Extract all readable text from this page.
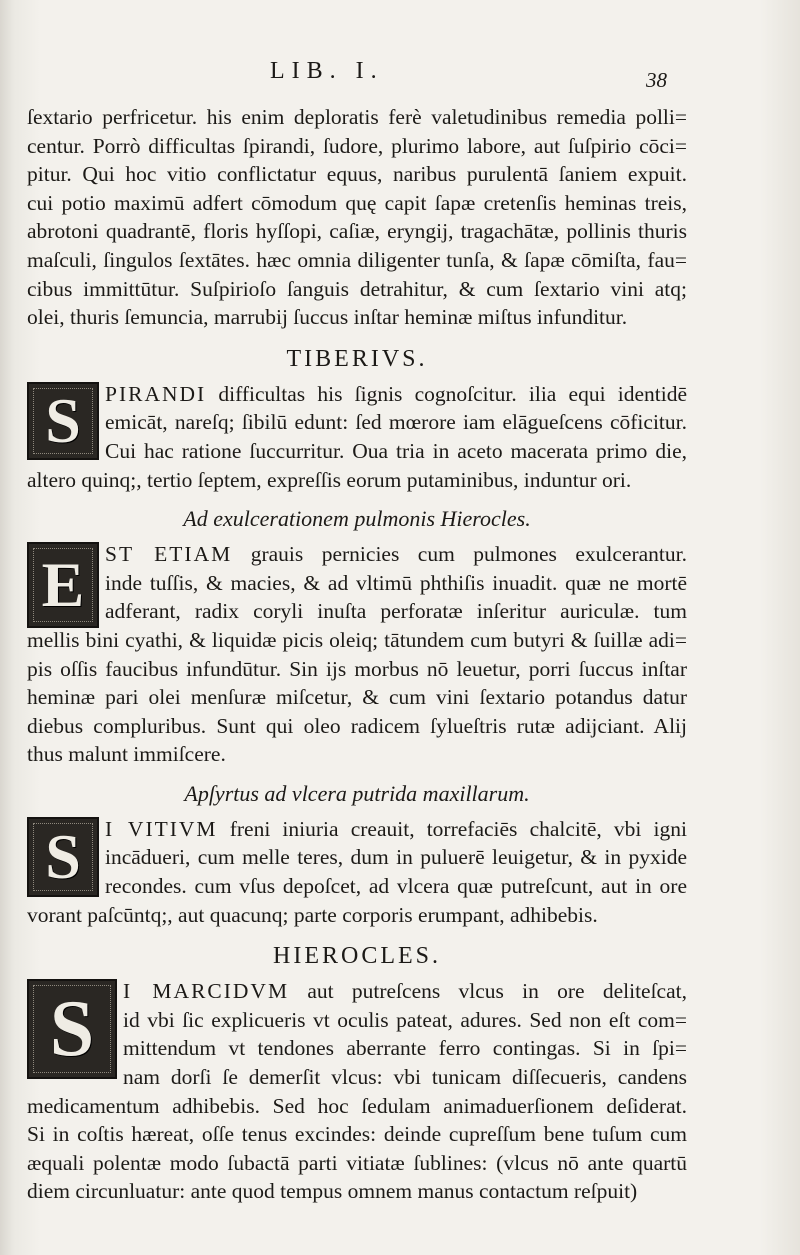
LIB. I.	38
ſextario perfricetur. his enim deploratis ferè valetudinibus remedia polli=
centur. Porrò difficultas ſpirandi, ſudore, plurimo labore, aut ſuſpirio cōci=
pitur. Qui hoc vitio conflictatur equus, naribus purulentā ſaniem expuit.
cui potio maximū adfert cōmodum quę capit ſapæ cretenſis heminas treis,
abrotoni quadrantē, floris hyſſopi, caſiæ, eryngij, tragachātæ, pollinis thuris
maſculi, ſingulos ſextātes. hæc omnia diligenter tunſa, & ſapæ cōmiſta, fau=
cibus immittūtur. Suſpirioſo ſanguis detrahitur, & cum ſextario vini atq;
olei, thuris ſemuncia, marrubij ſuccus inſtar heminæ miſtus infunditur.
TIBERIVS.
S	PIRANDI difficultas his ſignis cognoſcitur. ilia equi identidē
emicāt, nareſq; ſibilū edunt: ſed mœrore iam elāgueſcens cōficitur.
Cui hac ratione ſuccurritur. Oua tria in aceto macerata primo die,
altero quinq;, tertio ſeptem, expreſſis eorum putaminibus, induntur ori.
Ad exulcerationem pulmonis Hierocles.
E ST ETIAM grauis pernicies cum pulmones exulcerantur.
inde tuſſis, & macies, & ad vltimū phthiſis inuadit. quæ ne mortē
adferant, radix coryli inuſta perforatæ inſeritur auriculæ. tum
mellis bini cyathi, & liquidæ picis oleiq; tātundem cum butyri & ſuillæ adi=
pis oſſis faucibus infundūtur. Sin ijs morbus nō leuetur, porri ſuccus inſtar
heminæ pari olei menſuræ miſcetur, & cum vini ſextario potandus datur
diebus compluribus. Sunt qui oleo radicem ſylueſtris rutæ adijciant. Alij
thus malunt immiſcere.
Apſyrtus ad vlcera putrida maxillarum.
S	I VITIVM freni iniuria creauit, torrefaciēs chalcitē, vbi igni
incādueri, cum melle teres, dum in puluerē leuigetur, & in pyxide
recondes. cum vſus depoſcet, ad vlcera quæ putreſcunt, aut in ore
vorant paſcūntq;, aut quacunq; parte corporis erumpant, adhibebis.
HIEROCLES.
S	I MARCIDVM aut putreſcens vlcus in ore deliteſcat,
id vbi ſic explicueris vt oculis pateat, adures. Sed non eſt com=
mittendum vt tendones aberrante ferro contingas. Si in ſpi=
nam dorſi ſe demerſit vlcus: vbi tunicam diſſecueris, candens
medicamentum adhibebis. Sed hoc ſedulam animaduerſionem deſiderat.
Si in coſtis hæreat, oſſe tenus excindes: deinde cupreſſum bene tuſum cum
æquali polentæ modo ſubactā parti vitiatæ ſublines: (vlcus nō ante quartū
diem circunluatur: ante quod tempus omnem manus contactum reſpuit)
